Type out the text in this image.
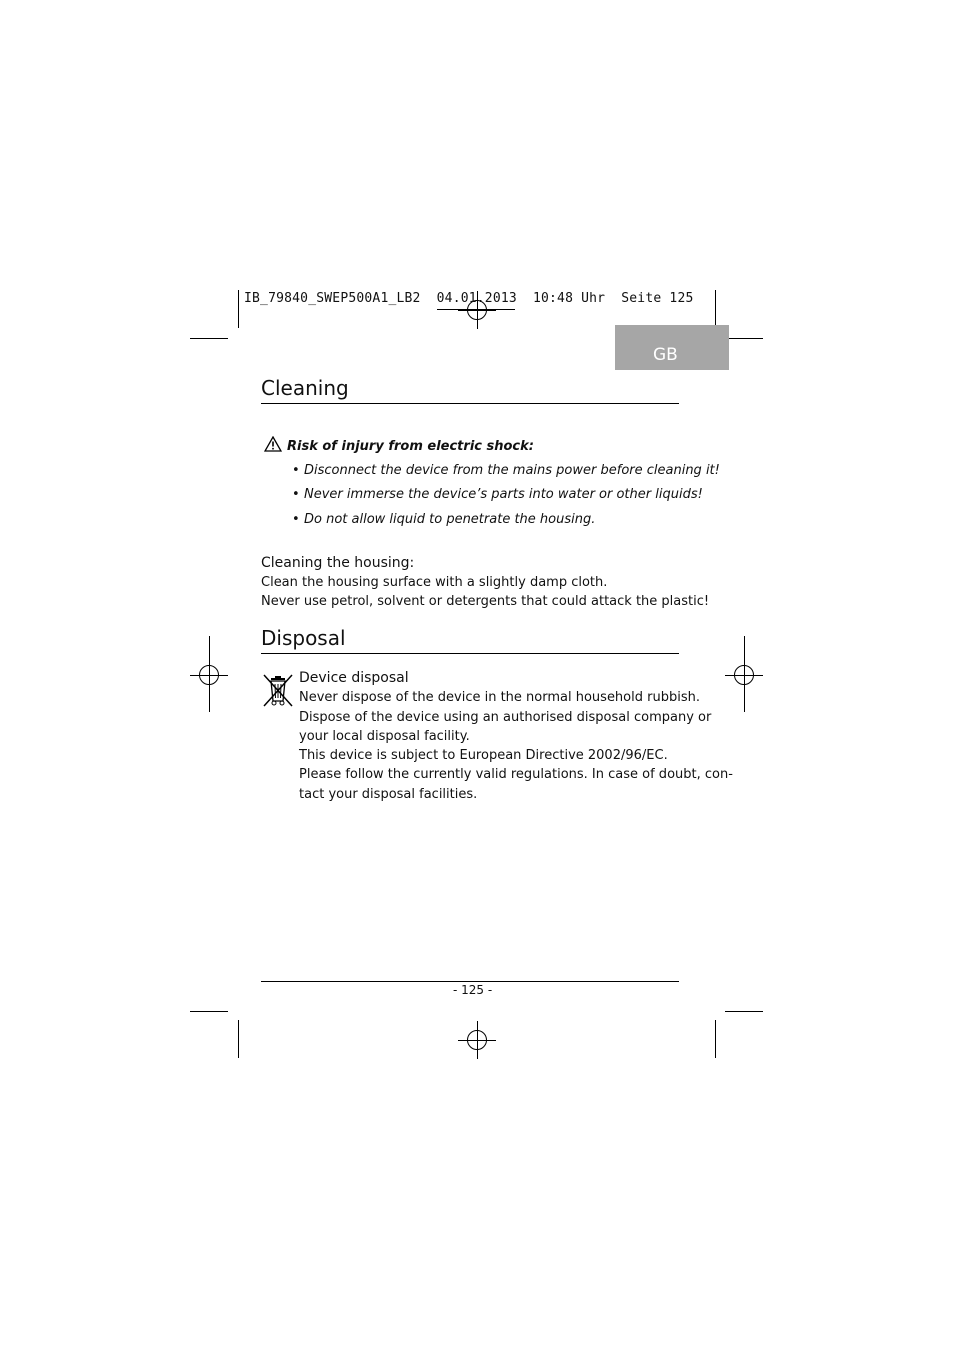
IB_79840_SWEP500A1_LB2  04.01.2013  10:48 Uhr  Seite 125
GB
Cleaning
Risk of injury from electric shock:
• Disconnect the device from the mains power before cleaning it!
• Never immerse the device’s parts into water or other liquids!
• Do not allow liquid to penetrate the housing.
Cleaning the housing:
Clean the housing surface with a slightly damp cloth.
Never use petrol, solvent or detergents that could attack the plastic!
Disposal
Device disposal
Never dispose of the device in the normal household rubbish.
Dispose of the device using an authorised disposal company or
your local disposal facility.
This device is subject to European Directive 2002/96/EC.
Please follow the currently valid regulations. In case of doubt, con-
tact your disposal facilities.
- 125 -
